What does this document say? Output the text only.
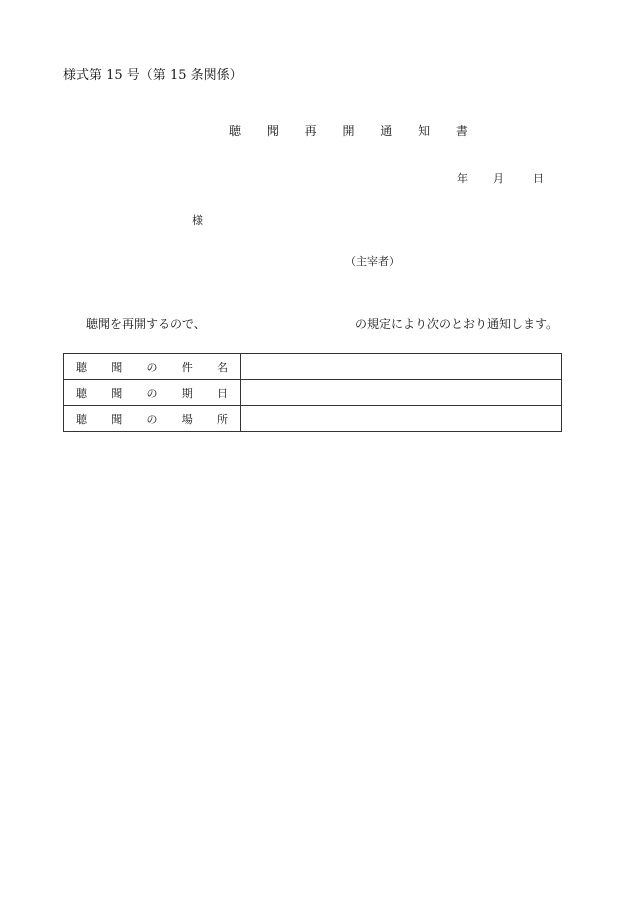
様式第 15 号（第 15 条関係）
聴 聞 再 開 通 知 書
年 月	日
様
（主宰者）
聴聞を再開するので、	の規定により次のとおり通知します。
聴 聞 の 件 名	

聴 聞 の 期 日	

聴 聞 の 場 所	
